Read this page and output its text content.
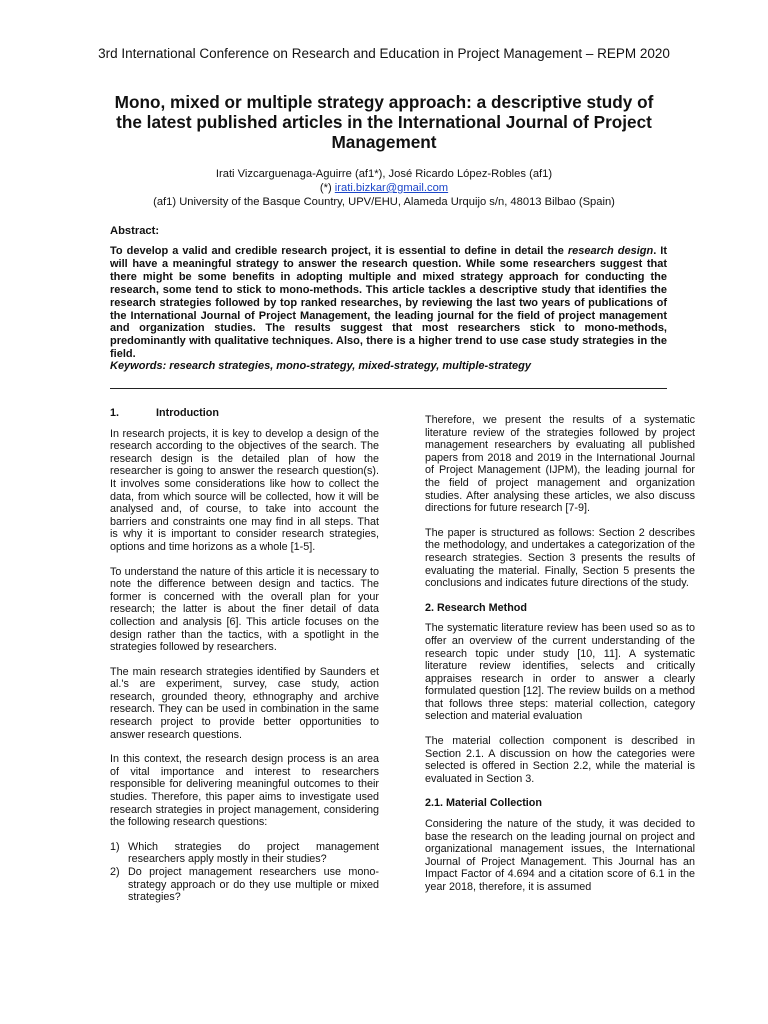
3rd International Conference on Research and Education in Project Management – REPM 2020
Mono, mixed or multiple strategy approach: a descriptive study of the latest published articles in the International Journal of Project Management
Irati Vizcarguenaga-Aguirre (af1*), José Ricardo López-Robles (af1)
(*) irati.bizkar@gmail.com
(af1) University of the Basque Country, UPV/EHU, Alameda Urquijo s/n, 48013 Bilbao (Spain)
Abstract:
To develop a valid and credible research project, it is essential to define in detail the research design. It will have a meaningful strategy to answer the research question. While some researchers suggest that there might be some benefits in adopting multiple and mixed strategy approach for conducting the research, some tend to stick to mono-methods. This article tackles a descriptive study that identifies the research strategies followed by top ranked researches, by reviewing the last two years of publications of the International Journal of Project Management, the leading journal for the field of project management and organization studies. The results suggest that most researchers stick to mono-methods, predominantly with qualitative techniques. Also, there is a higher trend to use case study strategies in the field.
Keywords: research strategies, mono-strategy, mixed-strategy, multiple-strategy
1.	Introduction

In research projects, it is key to develop a design of the research according to the objectives of the search. The research design is the detailed plan of how the researcher is going to answer the research question(s). It involves some considerations like how to collect the data, from which source will be collected, how it will be analysed and, of course, to take into account the barriers and constraints one may find in all steps. That is why it is important to consider research strategies, options and time horizons as a whole [1-5].

To understand the nature of this article it is necessary to note the difference between design and tactics. The former is concerned with the overall plan for your research; the latter is about the finer detail of data collection and analysis [6]. This article focuses on the design rather than the tactics, with a spotlight in the strategies followed by researchers.

The main research strategies identified by Saunders et al.'s are experiment, survey, case study, action research, grounded theory, ethnography and archive research. They can be used in combination in the same research project to provide better opportunities to answer research questions.

In this context, the research design process is an area of vital importance and interest to researchers responsible for delivering meaningful outcomes to their studies. Therefore, this paper aims to investigate used research strategies in project management, considering the following research questions:

1) Which strategies do project management researchers apply mostly in their studies?
2) Do project management researchers use mono-strategy approach or do they use multiple or mixed strategies?

Therefore, we present the results of a systematic literature review of the strategies followed by project management researchers by evaluating all published papers from 2018 and 2019 in the International Journal of Project Management (IJPM), the leading journal for the field of project management and organization studies. After analysing these articles, we also discuss directions for future research [7-9].

The paper is structured as follows: Section 2 describes the methodology, and undertakes a categorization of the research strategies. Section 3 presents the results of evaluating the material. Finally, Section 5 presents the conclusions and indicates future directions of the study.

2. Research Method

The systematic literature review has been used so as to offer an overview of the current understanding of the research topic under study [10, 11]. A systematic literature review identifies, selects and critically appraises research in order to answer a clearly formulated question [12]. The review builds on a method that follows three steps: material collection, category selection and material evaluation

The material collection component is described in Section 2.1. A discussion on how the categories were selected is offered in Section 2.2, while the material is evaluated in Section 3.

2.1. Material Collection

Considering the nature of the study, it was decided to base the research on the leading journal on project and organizational management issues, the International Journal of Project Management. This Journal has an Impact Factor of 4.694 and a citation score of 6.1 in the year 2018, therefore, it is assumed
